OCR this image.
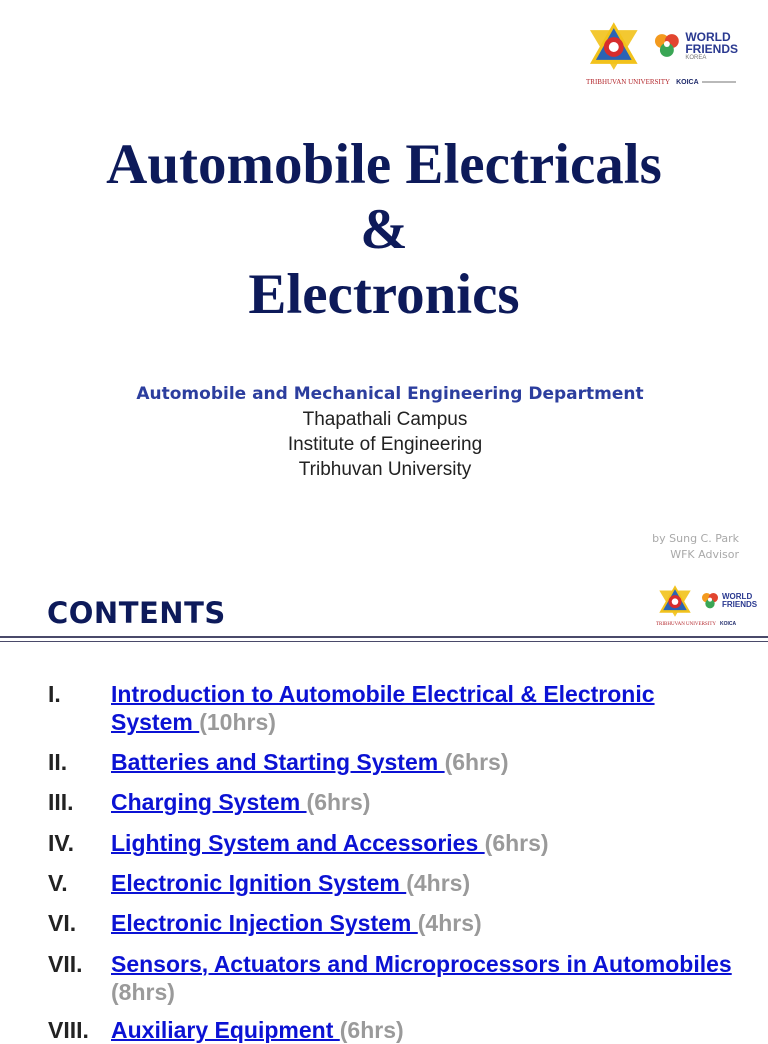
WORLD
FRIENDS
KOREA
TRIBHUVAN UNIVERSITY KOICA
Automobile Electricals
&
Electronics
Automobile and Mechanical Engineering Department
Thapathali Campus
Institute of Engineering
Tribhuvan University
by Sung C. Park
WFK Advisor
CONTENTS	WORLD
FRIENDS
TRIBHUVAN UNIVERSITY KOICA
I. Introduction to Automobile Electrical & Electronic System (10hrs)
II. Batteries and Starting System (6hrs)
III. Charging System (6hrs)
IV. Lighting System and Accessories (6hrs)
V. Electronic Ignition System (4hrs)
VI. Electronic Injection System (4hrs)
VII. Sensors, Actuators and Microprocessors in Automobiles (8hrs)
VIII. Auxiliary Equipment (6hrs)
